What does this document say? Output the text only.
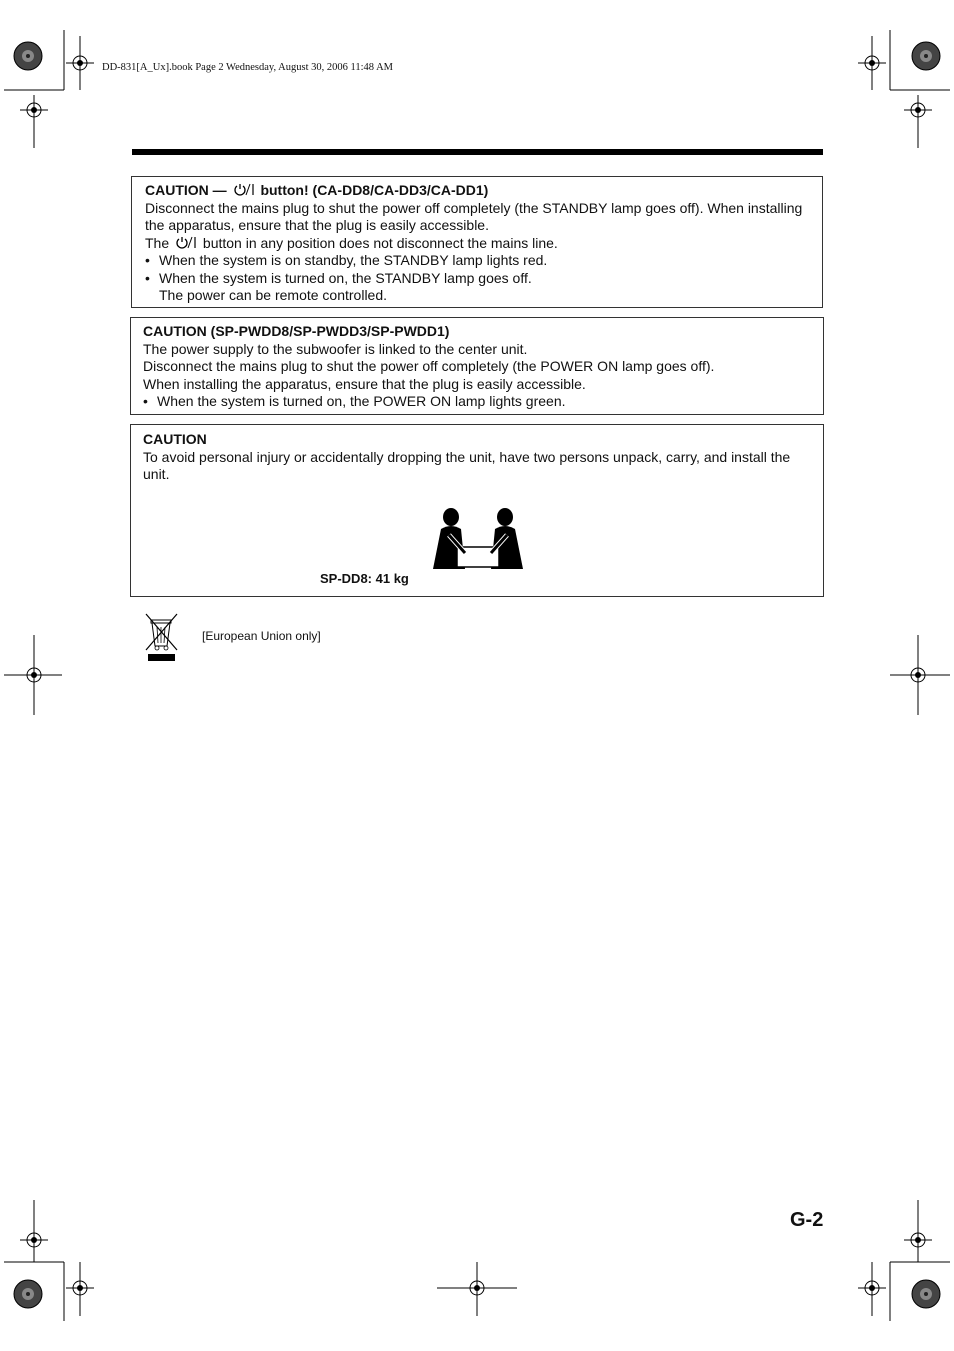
DD-831[A_Ux].book Page 2 Wednesday, August 30, 2006 11:48 AM

CAUTION — button! (CA-DD8/CA-DD3/CA-DD1)

Disconnect the mains plug to shut the power off completely (the STANDBY lamp goes off). When installing the apparatus, ensure that the plug is easily accessible.

The button in any position does not disconnect the mains line.

• When the system is on standby, the STANDBY lamp lights red.

• When the system is turned on, the STANDBY lamp goes off.

The power can be remote controlled.

CAUTION (SP-PWDD8/SP-PWDD3/SP-PWDD1)

The power supply to the subwoofer is linked to the center unit.

Disconnect the mains plug to shut the power off completely (the POWER ON lamp goes off).

When installing the apparatus, ensure that the plug is easily accessible.

• When the system is turned on, the POWER ON lamp lights green.

CAUTION

To avoid personal injury or accidentally dropping the unit, have two persons unpack, carry, and install the unit.

SP-DD8: 41 kg
[European Union only]
G-2
